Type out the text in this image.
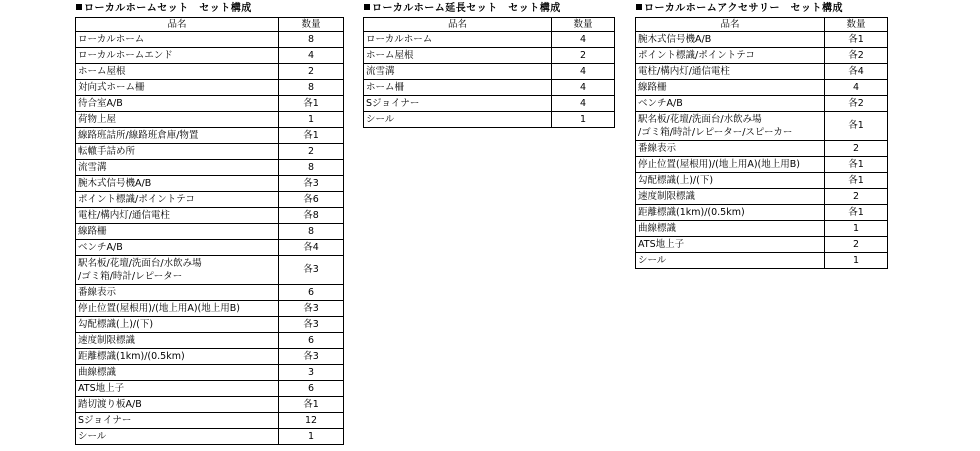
ローカルホームセット　セット構成
品名	数量
ローカルホーム	8
ローカルホームエンド	4
ホーム屋根	2
対向式ホーム柵	8
待合室A/B	各1
荷物上屋	1
線路班詰所/線路班倉庫/物置	各1
転轍手詰め所	2
流雪溝	8
腕木式信号機A/B	各3
ポイント標識/ポイントテコ	各6
電柱/構内灯/通信電柱	各8
線路柵	8
ベンチA/B	各4
駅名板/花壇/洗面台/水飲み場
/ゴミ箱/時計/レピーター	各3
番線表示	6
停止位置(屋根用)/(地上用A)(地上用B)	各3
勾配標識(上)/(下)	各3
速度制限標識	6
距離標識(1km)/(0.5km)	各3
曲線標識	3
ATS地上子	6
踏切渡り板A/B	各1
Sジョイナー	12
シール	1
ローカルホーム延長セット　セット構成
品名	数量
ローカルホーム	4
ホーム屋根	2
流雪溝	4
ホーム柵	4
Sジョイナー	4
シール	1
ローカルホームアクセサリー　セット構成
品名	数量
腕木式信号機A/B	各1
ポイント標識/ポイントテコ	各2
電柱/構内灯/通信電柱	各4
線路柵	4
ベンチA/B	各2
駅名板/花壇/洗面台/水飲み場
/ゴミ箱/時計/レピーター/スピーカー	各1
番線表示	2
停止位置(屋根用)/(地上用A)(地上用B)	各1
勾配標識(上)/(下)	各1
速度制限標識	2
距離標識(1km)/(0.5km)	各1
曲線標識	1
ATS地上子	2
シール	1
